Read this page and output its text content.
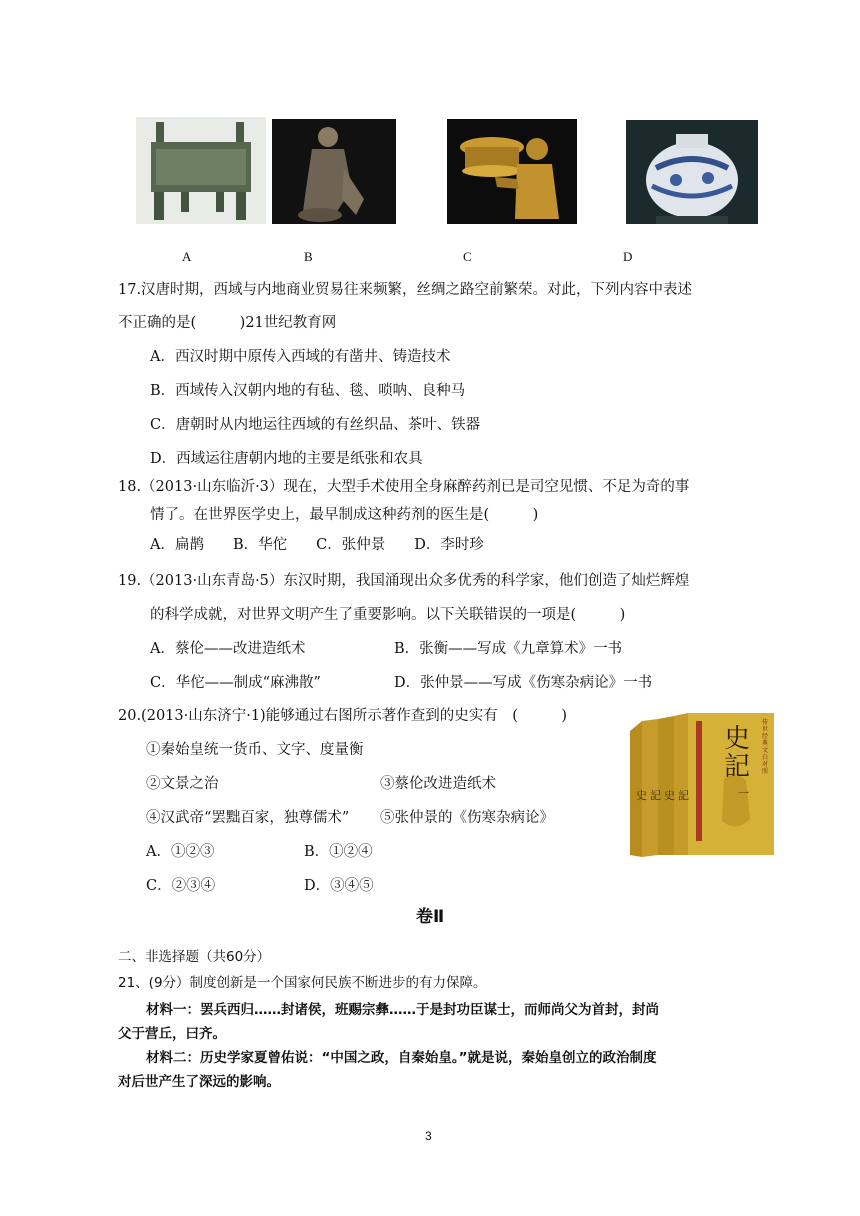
A	B	C	D
17.汉唐时期，西域与内地商业贸易往来频繁，丝绸之路空前繁荣。对此，下列内容中表述
不正确的是(　　　)21世纪教育网
A．西汉时期中原传入西域的有凿井、铸造技术
B．西域传入汉朝内地的有毡、毯、唢呐、良种马
C．唐朝时从内地运往西域的有丝织品、茶叶、铁器
D．西域运往唐朝内地的主要是纸张和农具
18.（2013·山东临沂·3）现在，大型手术使用全身麻醉药剂已是司空见惯、不足为奇的事
情了。在世界医学史上，最早制成这种药剂的医生是(　　　)
A．扁鹊　　B．华佗　　C．张仲景　　D．李时珍
19.（2013·山东青岛·5）东汉时期，我国涌现出众多优秀的科学家，他们创造了灿烂辉煌
的科学成就，对世界文明产生了重要影响。以下关联错误的一项是(　　　)
A．蔡伦——改进造纸术	B．张衡——写成《九章算术》一书
C．华佗——制成“麻沸散”	D．张仲景——写成《伤寒杂病论》一书
20.(2013·山东济宁·1)能够通过右图所示著作查到的史实有　(　　　)
①秦始皇统一货币、文字、度量衡
②文景之治	③蔡伦改进造纸术
④汉武帝“罢黜百家，独尊儒术” ⑤张仲景的《伤寒杂病论》
A．①②③	B．①②④
C．②③④	D．③④⑤
史 記 史 記
传世经典 文白对照
史記
一
卷Ⅱ
二、非选择题（共60分）
21、(9分）制度创新是一个国家何民族不断进步的有力保障。
材料一：罢兵西归……封诸侯，班赐宗彝……于是封功臣谋士，而师尚父为首封，封尚
父于营丘，曰齐。
材料二：历史学家夏曾佑说：“中国之政，自秦始皇。”就是说，秦始皇创立的政治制度
对后世产生了深远的影响。
3
